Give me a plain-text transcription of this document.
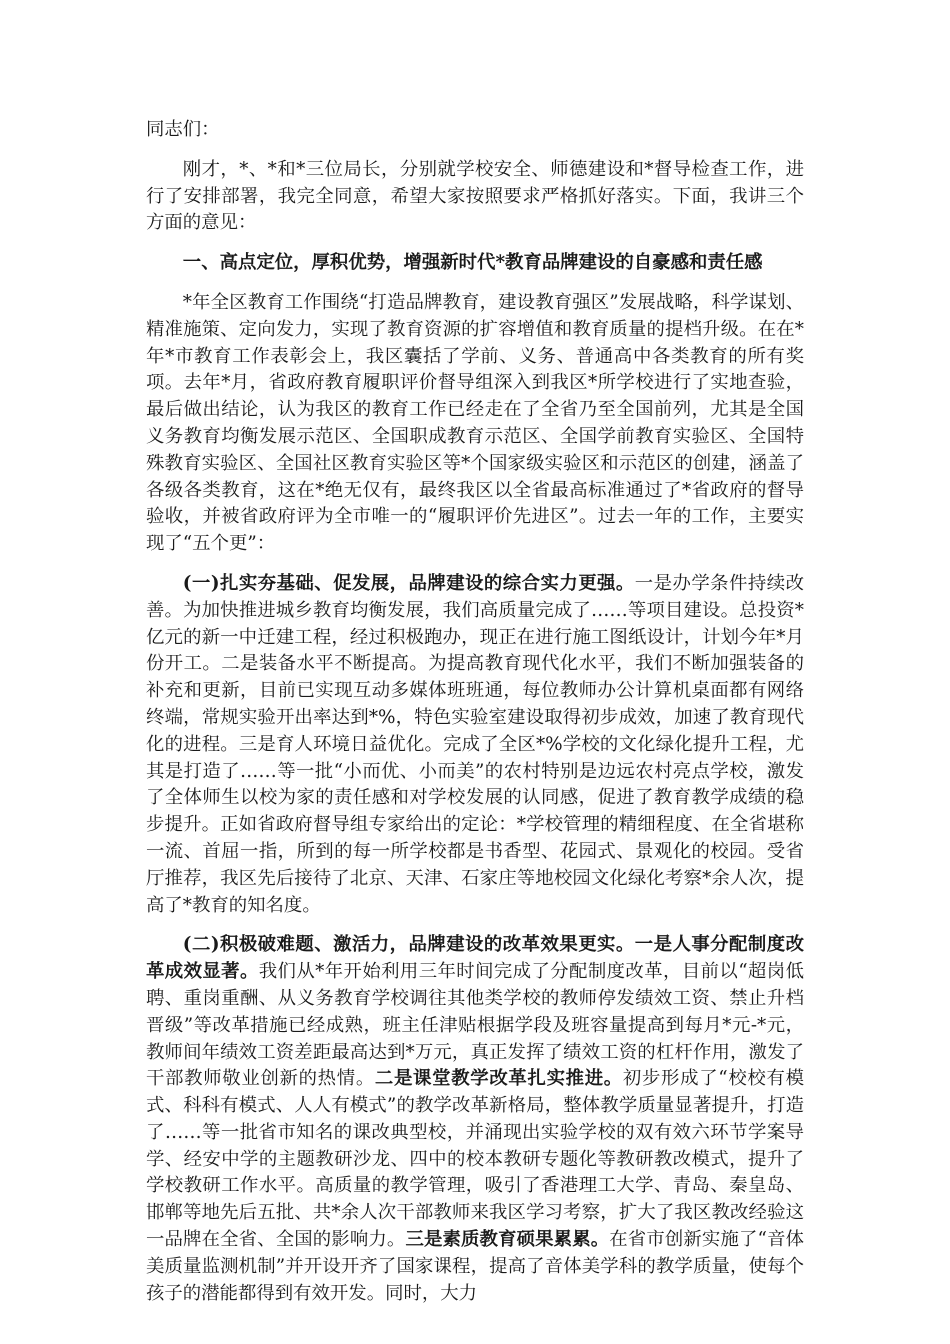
同志们：

刚才，*、*和*三位局长，分别就学校安全、师德建设和*督导检查工作，进行了安排部署，我完全同意，希望大家按照要求严格抓好落实。下面，我讲三个方面的意见：

一、高点定位，厚积优势，增强新时代*教育品牌建设的自豪感和责任感

*年全区教育工作围绕“打造品牌教育，建设教育强区”发展战略，科学谋划、精准施策、定向发力，实现了教育资源的扩容增值和教育质量的提档升级。在在*年*市教育工作表彰会上，我区囊括了学前、义务、普通高中各类教育的所有奖项。去年*月，省政府教育履职评价督导组深入到我区*所学校进行了实地查验，最后做出结论，认为我区的教育工作已经走在了全省乃至全国前列，尤其是全国义务教育均衡发展示范区、全国职成教育示范区、全国学前教育实验区、全国特殊教育实验区、全国社区教育实验区等*个国家级实验区和示范区的创建，涵盖了各级各类教育，这在*绝无仅有，最终我区以全省最高标准通过了*省政府的督导验收，并被省政府评为全市唯一的“履职评价先进区”。过去一年的工作，主要实现了“五个更”：

(一)扎实夯基础、促发展，品牌建设的综合实力更强。一是办学条件持续改善。为加快推进城乡教育均衡发展，我们高质量完成了……等项目建设。总投资*亿元的新一中迁建工程，经过积极跑办，现正在进行施工图纸设计，计划今年*月份开工。二是装备水平不断提高。为提高教育现代化水平，我们不断加强装备的补充和更新，目前已实现互动多媒体班班通，每位教师办公计算机桌面都有网络终端，常规实验开出率达到*%，特色实验室建设取得初步成效，加速了教育现代化的进程。三是育人环境日益优化。完成了全区*%学校的文化绿化提升工程，尤其是打造了……等一批“小而优、小而美”的农村特别是边远农村亮点学校，激发了全体师生以校为家的责任感和对学校发展的认同感，促进了教育教学成绩的稳步提升。正如省政府督导组专家给出的定论：*学校管理的精细程度、在全省堪称一流、首屈一指，所到的每一所学校都是书香型、花园式、景观化的校园。受省厅推荐，我区先后接待了北京、天津、石家庄等地校园文化绿化考察*余人次，提高了*教育的知名度。

(二)积极破难题、激活力，品牌建设的改革效果更实。一是人事分配制度改革成效显著。我们从*年开始利用三年时间完成了分配制度改革，目前以“超岗低聘、重岗重酬、从义务教育学校调往其他类学校的教师停发绩效工资、禁止升档晋级”等改革措施已经成熟，班主任津贴根据学段及班容量提高到每月*元-*元，教师间年绩效工资差距最高达到*万元，真正发挥了绩效工资的杠杆作用，激发了干部教师敬业创新的热情。二是课堂教学改革扎实推进。初步形成了“校校有模式、科科有模式、人人有模式”的教学改革新格局，整体教学质量显著提升，打造了……等一批省市知名的课改典型校，并涌现出实验学校的双有效六环节学案导学、经安中学的主题教研沙龙、四中的校本教研专题化等教研教改模式，提升了学校教研工作水平。高质量的教学管理，吸引了香港理工大学、青岛、秦皇岛、邯郸等地先后五批、共*余人次干部教师来我区学习考察，扩大了我区教改经验这一品牌在全省、全国的影响力。三是素质教育硕果累累。在省市创新实施了“音体美质量监测机制”并开设开齐了国家课程，提高了音体美学科的教学质量，使每个孩子的潜能都得到有效开发。同时，大力
